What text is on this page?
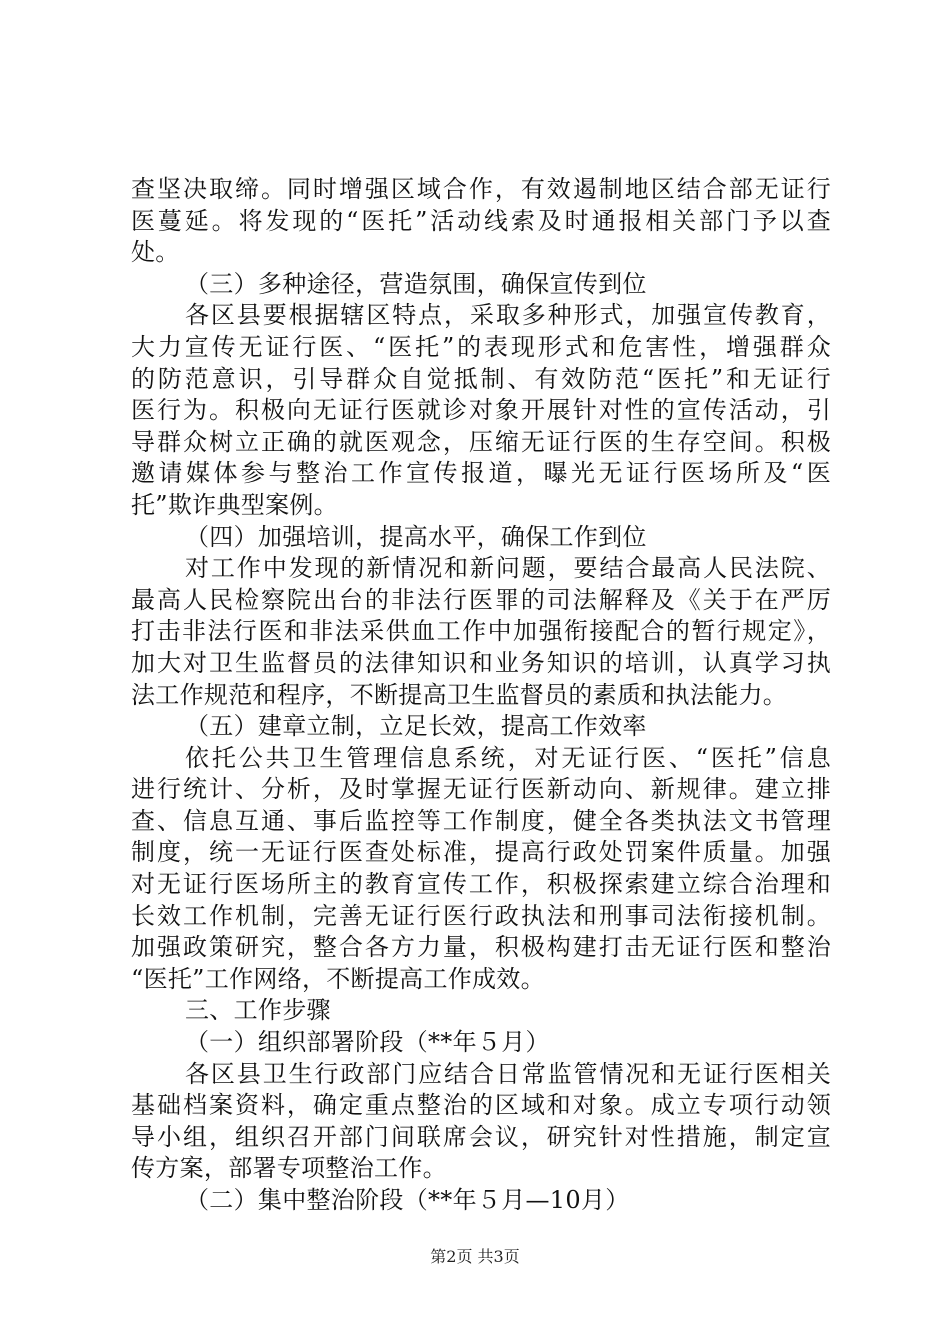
查坚决取缔。同时增强区域合作，有效遏制地区结合部无证行
医蔓延。将发现的“医托”活动线索及时通报相关部门予以查
处。
（三）多种途径，营造氛围，确保宣传到位
各区县要根据辖区特点，采取多种形式，加强宣传教育，
大力宣传无证行医、“医托”的表现形式和危害性，增强群众
的防范意识，引导群众自觉抵制、有效防范“医托”和无证行
医行为。积极向无证行医就诊对象开展针对性的宣传活动，引
导群众树立正确的就医观念，压缩无证行医的生存空间。积极
邀请媒体参与整治工作宣传报道，曝光无证行医场所及“医
托”欺诈典型案例。
（四）加强培训，提高水平，确保工作到位
对工作中发现的新情况和新问题，要结合最高人民法院、
最高人民检察院出台的非法行医罪的司法解释及《关于在严厉
打击非法行医和非法采供血工作中加强衔接配合的暂行规定》，
加大对卫生监督员的法律知识和业务知识的培训，认真学习执
法工作规范和程序，不断提高卫生监督员的素质和执法能力。
（五）建章立制，立足长效，提高工作效率
依托公共卫生管理信息系统，对无证行医、“医托”信息
进行统计、分析，及时掌握无证行医新动向、新规律。建立排
查、信息互通、事后监控等工作制度，健全各类执法文书管理
制度，统一无证行医查处标准，提高行政处罚案件质量。加强
对无证行医场所主的教育宣传工作，积极探索建立综合治理和
长效工作机制，完善无证行医行政执法和刑事司法衔接机制。
加强政策研究，整合各方力量，积极构建打击无证行医和整治
“医托”工作网络，不断提高工作成效。
三、工作步骤
（一）组织部署阶段（**年５月）
各区县卫生行政部门应结合日常监管情况和无证行医相关
基础档案资料，确定重点整治的区域和对象。成立专项行动领
导小组，组织召开部门间联席会议，研究针对性措施，制定宣
传方案，部署专项整治工作。
（二）集中整治阶段（**年５月—10月）
第2页 共3页
